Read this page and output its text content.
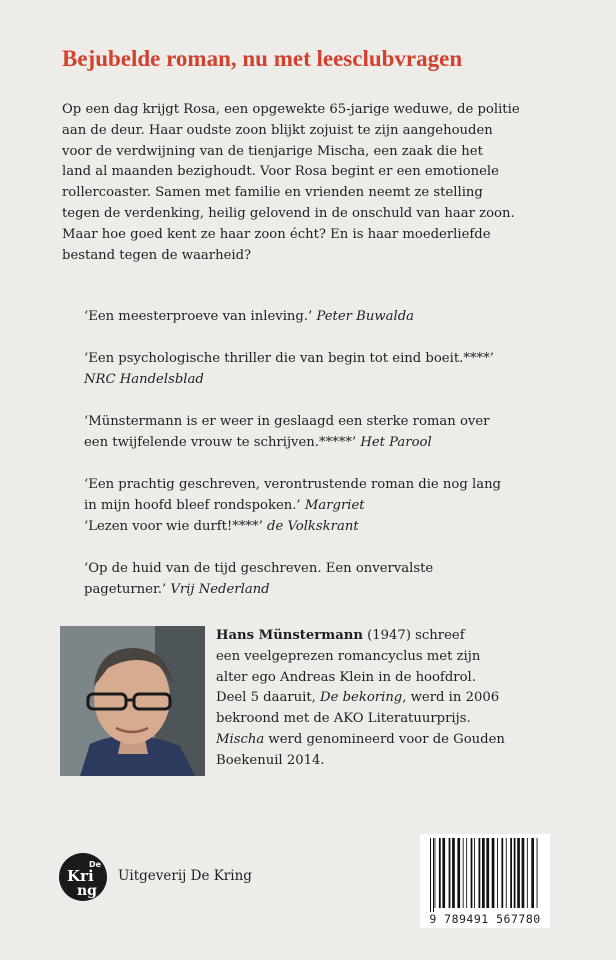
Bejubelde roman, nu met leesclubvragen
Op een dag krijgt Rosa, een opgewekte 65-jarige weduwe, de politie
aan de deur. Haar oudste zoon blijkt zojuist te zijn aangehouden
voor de verdwijning van de tienjarige Mischa, een zaak die het
land al maanden bezighoudt. Voor Rosa begint er een emotionele
rollercoaster. Samen met familie en vrienden neemt ze stelling
tegen de verdenking, heilig gelovend in de onschuld van haar zoon.
Maar hoe goed kent ze haar zoon écht? En is haar moederliefde
bestand tegen de waarheid?
‘Een meesterproeve van inleving.’ Peter Buwalda
‘Een psychologische thriller die van begin tot eind boeit.****’
NRC Handelsblad
‘Münstermann is er weer in geslaagd een sterke roman over
een twijfelende vrouw te schrijven.*****’ Het Parool
‘Een prachtig geschreven, verontrustende roman die nog lang
in mijn hoofd bleef rondspoken.’ Margriet
‘Lezen voor wie durft!****’ de Volkskrant
‘Op de huid van de tijd geschreven. Een onvervalste
pageturner.’ Vrij Nederland
Hans Münstermann (1947) schreef
een veelgeprezen romancyclus met zijn
alter ego Andreas Klein in de hoofdrol.
Deel 5 daaruit, De bekoring, werd in 2006
bekroond met de AKO Literatuurprijs.
Mischa werd genomineerd voor de Gouden
Boekenuil 2014.
De
Kri
ng
Uitgeverij De Kring
9 789491 567780
